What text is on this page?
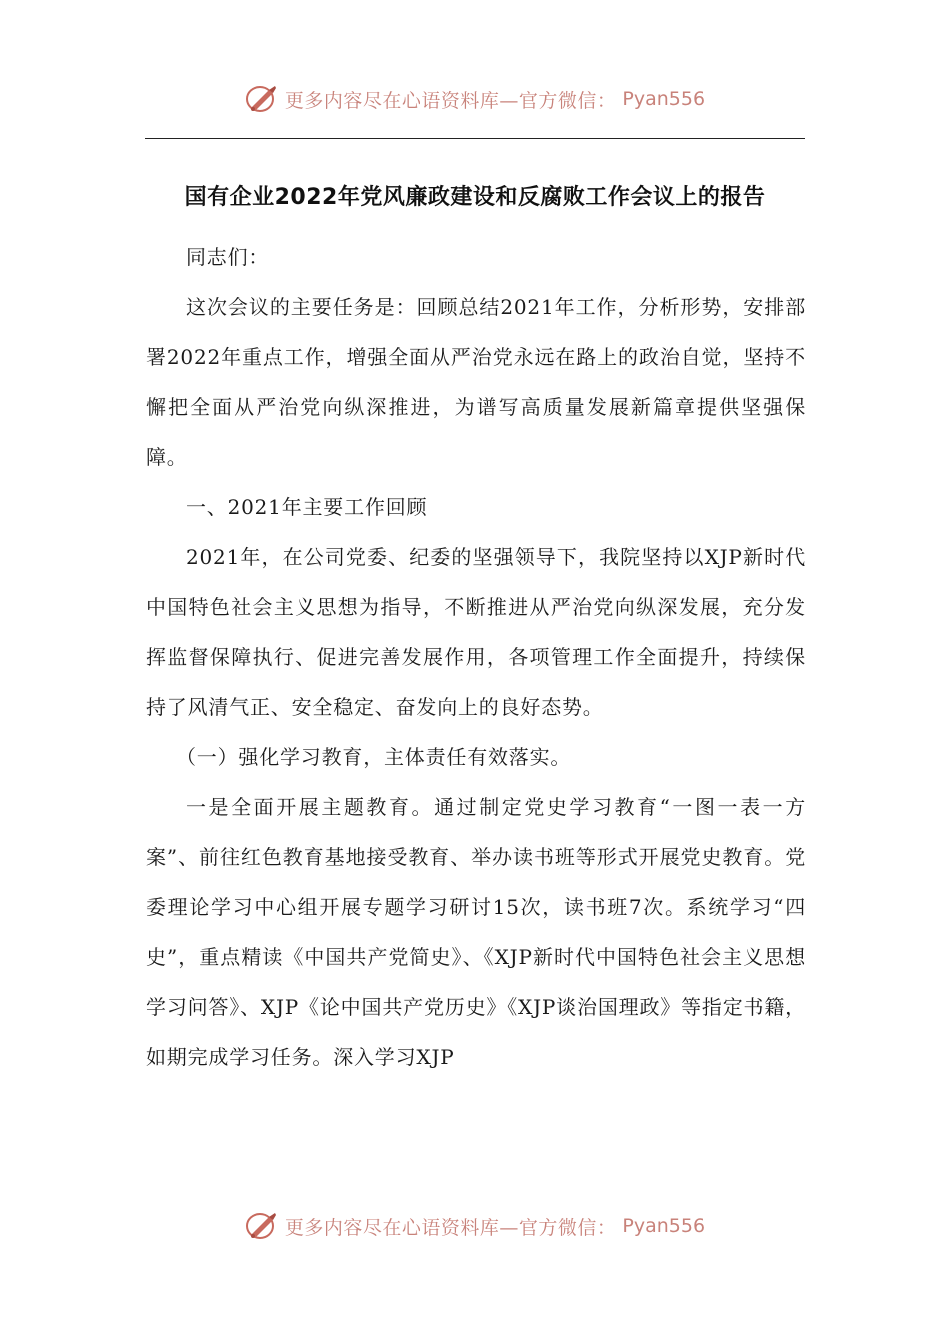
更多内容尽在心语资料库—官方微信： Pyan556
国有企业2022年党风廉政建设和反腐败工作会议上的报告

同志们：

这次会议的主要任务是：回顾总结2021年工作，分析形势，安排部署2022年重点工作，增强全面从严治党永远在路上的政治自觉，坚持不懈把全面从严治党向纵深推进，为谱写高质量发展新篇章提供坚强保障。

一、2021年主要工作回顾

2021年，在公司党委、纪委的坚强领导下，我院坚持以XJP新时代中国特色社会主义思想为指导，不断推进从严治党向纵深发展，充分发挥监督保障执行、促进完善发展作用，各项管理工作全面提升，持续保持了风清气正、安全稳定、奋发向上的良好态势。

（一）强化学习教育，主体责任有效落实。

一是全面开展主题教育。通过制定党史学习教育“一图一表一方案”、前往红色教育基地接受教育、举办读书班等形式开展党史教育。党委理论学习中心组开展专题学习研讨15次，读书班7次。系统学习“四史”，重点精读《中国共产党简史》、《XJP新时代中国特色社会主义思想学习问答》、XJP《论中国共产党历史》《XJP谈治国理政》等指定书籍，如期完成学习任务。深入学习XJP

更多内容尽在心语资料库—官方微信： Pyan556
